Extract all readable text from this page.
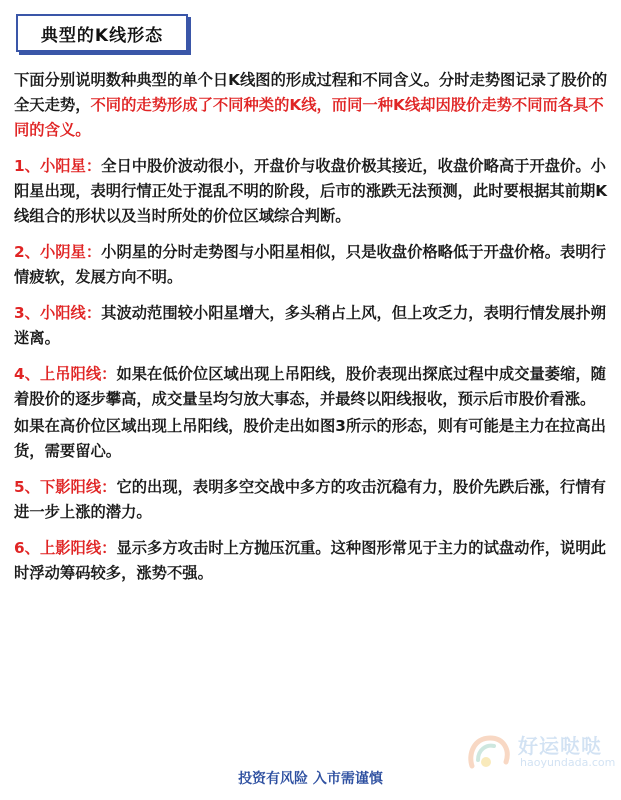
典型的K线形态

下面分别说明数种典型的单个日K线图的形成过程和不同含义。分时走势图记录了股价的全天走势，不同的走势形成了不同种类的K线，而同一种K线却因股价走势不同而各具不同的含义。

1、小阳星：全日中股价波动很小，开盘价与收盘价极其接近，收盘价略高于开盘价。小阳星出现，表明行情正处于混乱不明的阶段，后市的涨跌无法预测，此时要根据其前期K线组合的形状以及当时所处的价位区域综合判断。

2、小阴星：小阴星的分时走势图与小阳星相似，只是收盘价格略低于开盘价格。表明行情疲软，发展方向不明。

3、小阳线：其波动范围较小阳星增大，多头稍占上风，但上攻乏力，表明行情发展扑朔迷离。

4、上吊阳线：如果在低价位区域出现上吊阳线，股价表现出探底过程中成交量萎缩，随着股价的逐步攀高，成交量呈均匀放大事态，并最终以阳线报收，预示后市股价看涨。

如果在高价位区域出现上吊阳线，股价走出如图3所示的形态，则有可能是主力在拉高出货，需要留心。

5、下影阳线：它的出现，表明多空交战中多方的攻击沉稳有力，股价先跌后涨，行情有进一步上涨的潜力。

6、上影阳线：显示多方攻击时上方抛压沉重。这种图形常见于主力的试盘动作，说明此时浮动筹码较多，涨势不强。

好运哒哒
haoyundada.com
投资有风险 入市需谨慎
